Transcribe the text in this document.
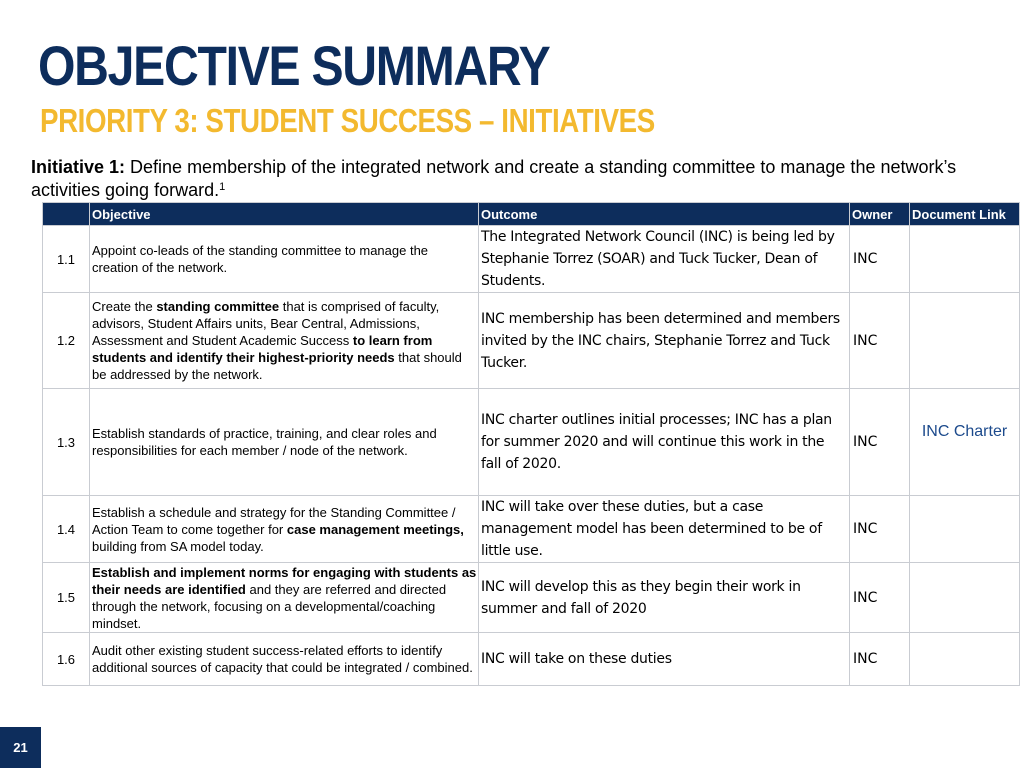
OBJECTIVE SUMMARY
PRIORITY 3: STUDENT SUCCESS – INITIATIVES
Initiative 1: Define membership of the integrated network and create a standing committee to manage the network’s activities going forward.$^1$
	Objective	Outcome	Owner	Document Link
1.1	Appoint co-leads of the standing committee to manage the creation of the network.	The Integrated Network Council (INC) is being led by Stephanie Torrez (SOAR) and Tuck Tucker, Dean of Students.	INC	
1.2	Create the standing committee that is comprised of faculty, advisors, Student Affairs units, Bear Central, Admissions, Assessment and Student Academic Success to learn from students and identify their highest-priority needs that should be addressed by the network.	INC membership has been determined and members invited by the INC chairs, Stephanie Torrez and Tuck Tucker.	INC	
1.3	Establish standards of practice, training, and clear roles and responsibilities for each member / node of the network.	INC charter outlines initial processes; INC has a plan for summer 2020 and will continue this work in the fall of 2020.	INC	INC Charter
1.4	Establish a schedule and strategy for the Standing Committee / Action Team to come together for case management meetings, building from SA model today.	INC will take over these duties, but a case management model has been determined to be of little use.	INC	
1.5	Establish and implement norms for engaging with students as their needs are identified and they are referred and directed through the network, focusing on a developmental/coaching mindset.	INC will develop this as they begin their work in summer and fall of 2020	INC	
1.6	Audit other existing student success-related efforts to identify additional sources of capacity that could be integrated / combined.	INC will take on these duties	INC	
21
